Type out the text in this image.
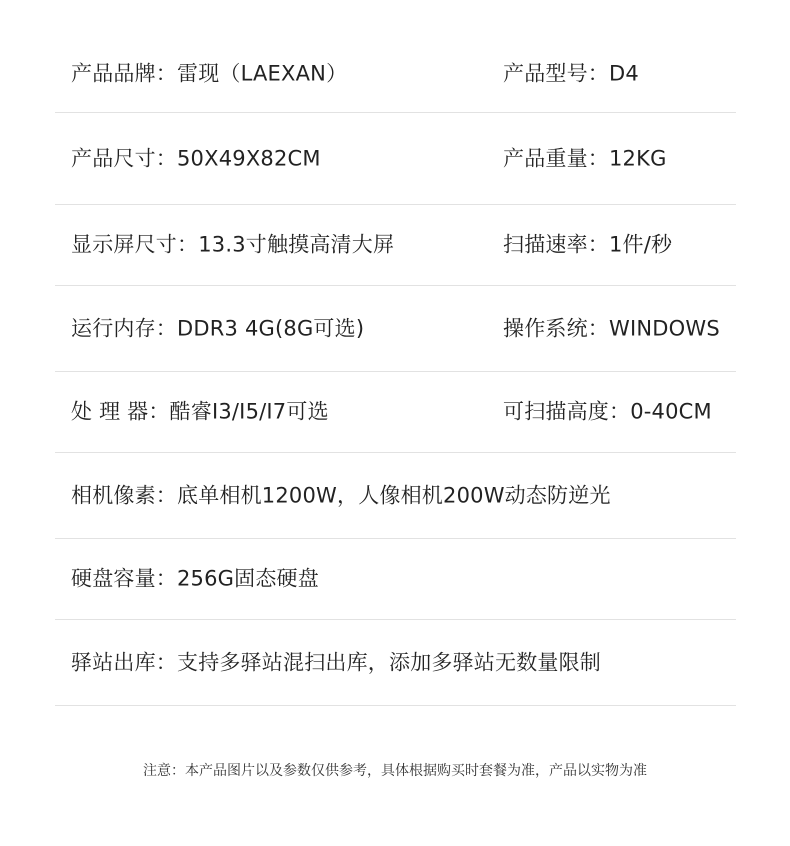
产品品牌：雷现（LAEXAN）	产品型号：D4
产品尺寸：50X49X82CM	产品重量：12KG
显示屏尺寸：13.3寸触摸高清大屏	扫描速率：1件/秒
运行内存：DDR3 4G(8G可选)	操作系统：WINDOWS
处 理 器：酷睿I3/I5/I7可选	可扫描高度：0-40CM
相机像素：底单相机1200W，人像相机200W动态防逆光
硬盘容量：256G固态硬盘
驿站出库：支持多驿站混扫出库，添加多驿站无数量限制
注意：本产品图片以及参数仅供参考，具体根据购买时套餐为准，产品以实物为准
